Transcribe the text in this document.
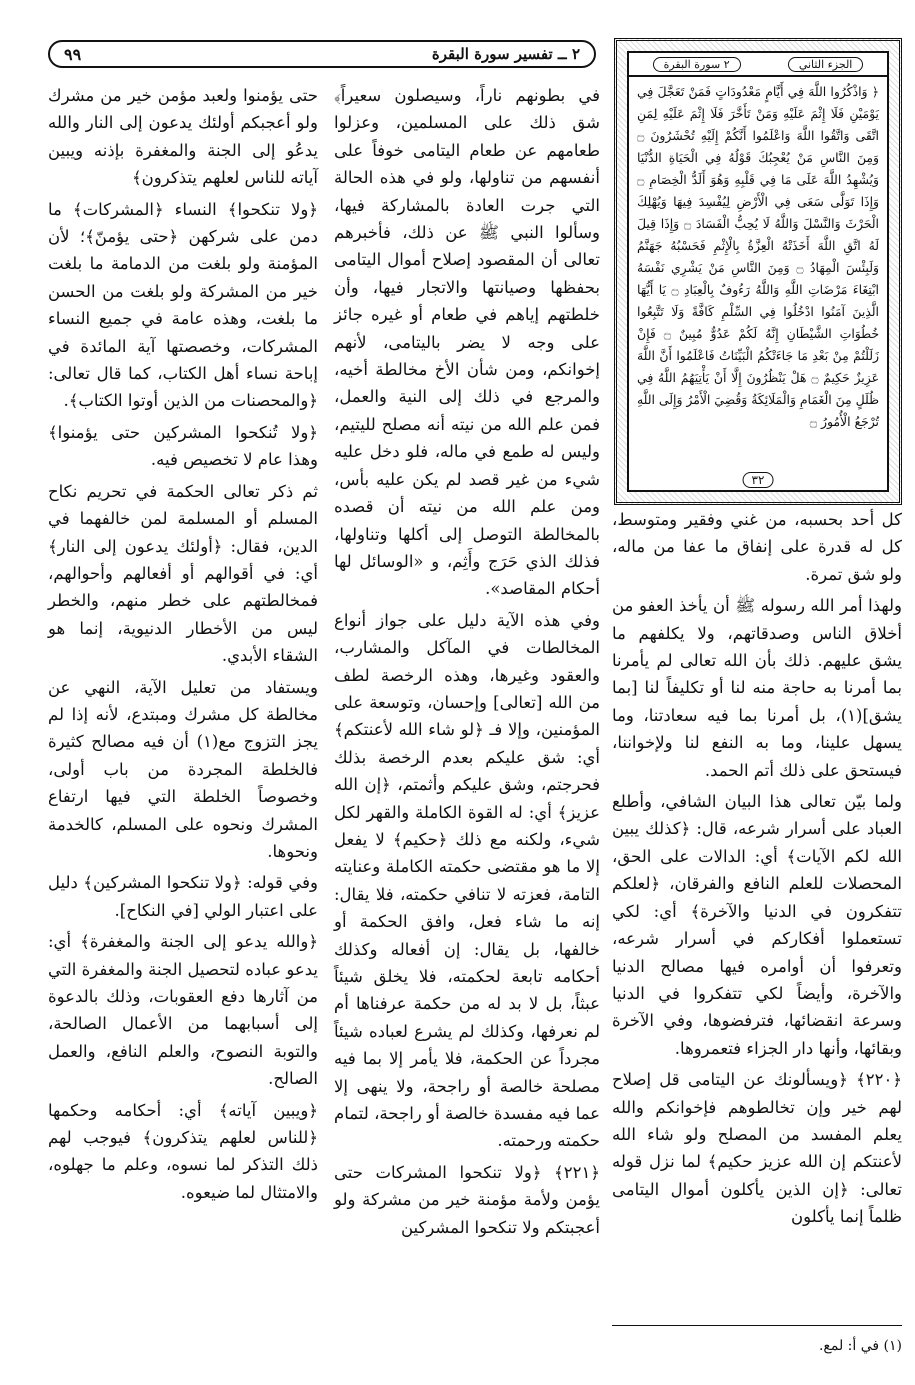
٩٩	٢ ــ تفسير سورة البقرة
٢ سورة البقرة	الجزء الثاني
﴿ وَاذْكُرُوا اللَّهَ فِي أَيَّامٍ مَعْدُودَاتٍ فَمَنْ تَعَجَّلَ فِي يَوْمَيْنِ فَلَا إِثْمَ عَلَيْهِ وَمَنْ تَأَخَّرَ فَلَا إِثْمَ عَلَيْهِ لِمَنِ اتَّقَى وَاتَّقُوا اللَّهَ وَاعْلَمُوا أَنَّكُمْ إِلَيْهِ تُحْشَرُونَ ۝ وَمِنَ النَّاسِ مَنْ يُعْجِبُكَ قَوْلُهُ فِي الْحَيَاةِ الدُّنْيَا وَيُشْهِدُ اللَّهَ عَلَى مَا فِي قَلْبِهِ وَهُوَ أَلَدُّ الْخِصَامِ ۝ وَإِذَا تَوَلَّى سَعَى فِي الْأَرْضِ لِيُفْسِدَ فِيهَا وَيُهْلِكَ الْحَرْثَ وَالنَّسْلَ وَاللَّهُ لَا يُحِبُّ الْفَسَادَ ۝ وَإِذَا قِيلَ لَهُ اتَّقِ اللَّهَ أَخَذَتْهُ الْعِزَّةُ بِالْإِثْمِ فَحَسْبُهُ جَهَنَّمُ وَلَبِئْسَ الْمِهَادُ ۝ وَمِنَ النَّاسِ مَنْ يَشْرِي نَفْسَهُ ابْتِغَاءَ مَرْضَاتِ اللَّهِ وَاللَّهُ رَءُوفٌ بِالْعِبَادِ ۝ يَا أَيُّهَا الَّذِينَ آمَنُوا ادْخُلُوا فِي السِّلْمِ كَافَّةً وَلَا تَتَّبِعُوا خُطُوَاتِ الشَّيْطَانِ إِنَّهُ لَكُمْ عَدُوٌّ مُبِينٌ ۝ فَإِنْ زَلَلْتُمْ مِنْ بَعْدِ مَا جَاءَتْكُمُ الْبَيِّنَاتُ فَاعْلَمُوا أَنَّ اللَّهَ عَزِيزٌ حَكِيمٌ ۝ هَلْ يَنْظُرُونَ إِلَّا أَنْ يَأْتِيَهُمُ اللَّهُ فِي ظُلَلٍ مِنَ الْغَمَامِ وَالْمَلَائِكَةُ وَقُضِيَ الْأَمْرُ وَإِلَى اللَّهِ تُرْجَعُ الْأُمُورُ ۝
٣٢

كل أحد بحسبه، من غني وفقير ومتوسط، كل له قدرة على إنفاق ما عفا من ماله، ولو شق تمرة.

ولهذا أمر الله رسوله ﷺ أن يأخذ العفو من أخلاق الناس وصدقاتهم، ولا يكلفهم ما يشق عليهم. ذلك بأن الله تعالى لم يأمرنا بما أمرنا به حاجة منه لنا أو تكليفاً لنا [بما يشق](١)، بل أمرنا بما فيه سعادتنا، وما يسهل علينا، وما به النفع لنا ولإخواننا، فيستحق على ذلك أتم الحمد.

ولما بيّن تعالى هذا البيان الشافي، وأطلع العباد على أسرار شرعه، قال: ﴿كذلك يبين الله لكم الآيات﴾ أي: الدالات على الحق، المحصلات للعلم النافع والفرقان، ﴿لعلكم تتفكرون في الدنيا والآخرة﴾ أي: لكي تستعملوا أفكاركم في أسرار شرعه، وتعرفوا أن أوامره فيها مصالح الدنيا والآخرة، وأيضاً لكي تتفكروا في الدنيا وسرعة انقضائها، فترفضوها، وفي الآخرة وبقائها، وأنها دار الجزاء فتعمروها.

﴿٢٢٠﴾ ﴿ويسألونك عن اليتامى قل إصلاح لهم خير وإن تخالطوهم فإخوانكم والله يعلم المفسد من المصلح ولو شاء الله لأعنتكم إن الله عزيز حكيم﴾ لما نزل قوله تعالى: ﴿إن الذين يأكلون أموال اليتامى ظلماً إنما يأكلون

في بطونهم ناراً، وسيصلون سعيراً﴾ شق ذلك على المسلمين، وعزلوا طعامهم عن طعام اليتامى خوفاً على أنفسهم من تناولها، ولو في هذه الحالة التي جرت العادة بالمشاركة فيها، وسألوا النبي ﷺ عن ذلك، فأخبرهم تعالى أن المقصود إصلاح أموال اليتامى بحفظها وصيانتها والاتجار فيها، وأن خلطتهم إياهم في طعام أو غيره جائز على وجه لا يضر باليتامى، لأنهم إخوانكم، ومن شأن الأخ مخالطة أخيه، والمرجع في ذلك إلى النية والعمل، فمن علم الله من نيته أنه مصلح لليتيم، وليس له طمع في ماله، فلو دخل عليه شيء من غير قصد لم يكن عليه بأس، ومن علم الله من نيته أن قصده بالمخالطة التوصل إلى أكلها وتناولها، فذلك الذي حَرَج وأَثِم، و «الوسائل لها أحكام المقاصد».

وفي هذه الآية دليل على جواز أنواع المخالطات في المآكل والمشارب، والعقود وغيرها، وهذه الرخصة لطف من الله [تعالى] وإحسان، وتوسعة على المؤمنين، وإلا فـ ﴿لو شاء الله لأعنتكم﴾ أي: شق عليكم بعدم الرخصة بذلك فحرجتم، وشق عليكم وأثمتم، ﴿إن الله عزيز﴾ أي: له القوة الكاملة والقهر لكل شيء، ولكنه مع ذلك ﴿حكيم﴾ لا يفعل إلا ما هو مقتضى حكمته الكاملة وعنايته التامة، فعزته لا تنافي حكمته، فلا يقال: إنه ما شاء فعل، وافق الحكمة أو خالفها، بل يقال: إن أفعاله وكذلك أحكامه تابعة لحكمته، فلا يخلق شيئاً عبثاً، بل لا بد له من حكمة عرفناها أم لم نعرفها، وكذلك لم يشرع لعباده شيئاً مجرداً عن الحكمة، فلا يأمر إلا بما فيه مصلحة خالصة أو راجحة، ولا ينهى إلا عما فيه مفسدة خالصة أو راجحة، لتمام حكمته ورحمته.

﴿٢٢١﴾ ﴿ولا تنكحوا المشركات حتى يؤمن ولأمة مؤمنة خير من مشركة ولو أعجبتكم ولا تنكحوا المشركين

حتى يؤمنوا ولعبد مؤمن خير من مشرك ولو أعجبكم أولئك يدعون إلى النار والله يدعُو إلى الجنة والمغفرة بإذنه ويبين آياته للناس لعلهم يتذكرون﴾

﴿ولا تنكحوا﴾ النساء ﴿المشركات﴾ ما دمن على شركهن ﴿حتى يؤمنّ﴾؛ لأن المؤمنة ولو بلغت من الدمامة ما بلغت خير من المشركة ولو بلغت من الحسن ما بلغت، وهذه عامة في جميع النساء المشركات، وخصصتها آية المائدة في إباحة نساء أهل الكتاب، كما قال تعالى: ﴿والمحصنات من الذين أوتوا الكتاب﴾.

﴿ولا تُنكحوا المشركين حتى يؤمنوا﴾ وهذا عام لا تخصيص فيه.

ثم ذكر تعالى الحكمة في تحريم نكاح المسلم أو المسلمة لمن خالفهما في الدين، فقال: ﴿أولئك يدعون إلى النار﴾ أي: في أقوالهم أو أفعالهم وأحوالهم، فمخالطتهم على خطر منهم، والخطر ليس من الأخطار الدنيوية، إنما هو الشقاء الأبدي.

ويستفاد من تعليل الآية، النهي عن مخالطة كل مشرك ومبتدع، لأنه إذا لم يجز التزوج مع(١) أن فيه مصالح كثيرة فالخلطة المجردة من باب أولى، وخصوصاً الخلطة التي فيها ارتفاع المشرك ونحوه على المسلم، كالخدمة ونحوها.

وفي قوله: ﴿ولا تنكحوا المشركين﴾ دليل على اعتبار الولي [في النكاح].

﴿والله يدعو إلى الجنة والمغفرة﴾ أي: يدعو عباده لتحصيل الجنة والمغفرة التي من آثارها دفع العقوبات، وذلك بالدعوة إلى أسبابهما من الأعمال الصالحة، والتوبة النصوح، والعلم النافع، والعمل الصالح.

﴿ويبين آياته﴾ أي: أحكامه وحكمها ﴿للناس لعلهم يتذكرون﴾ فيوجب لهم ذلك التذكر لما نسوه، وعلم ما جهلوه، والامتثال لما ضيعوه.

(١) في أ: لمع.
